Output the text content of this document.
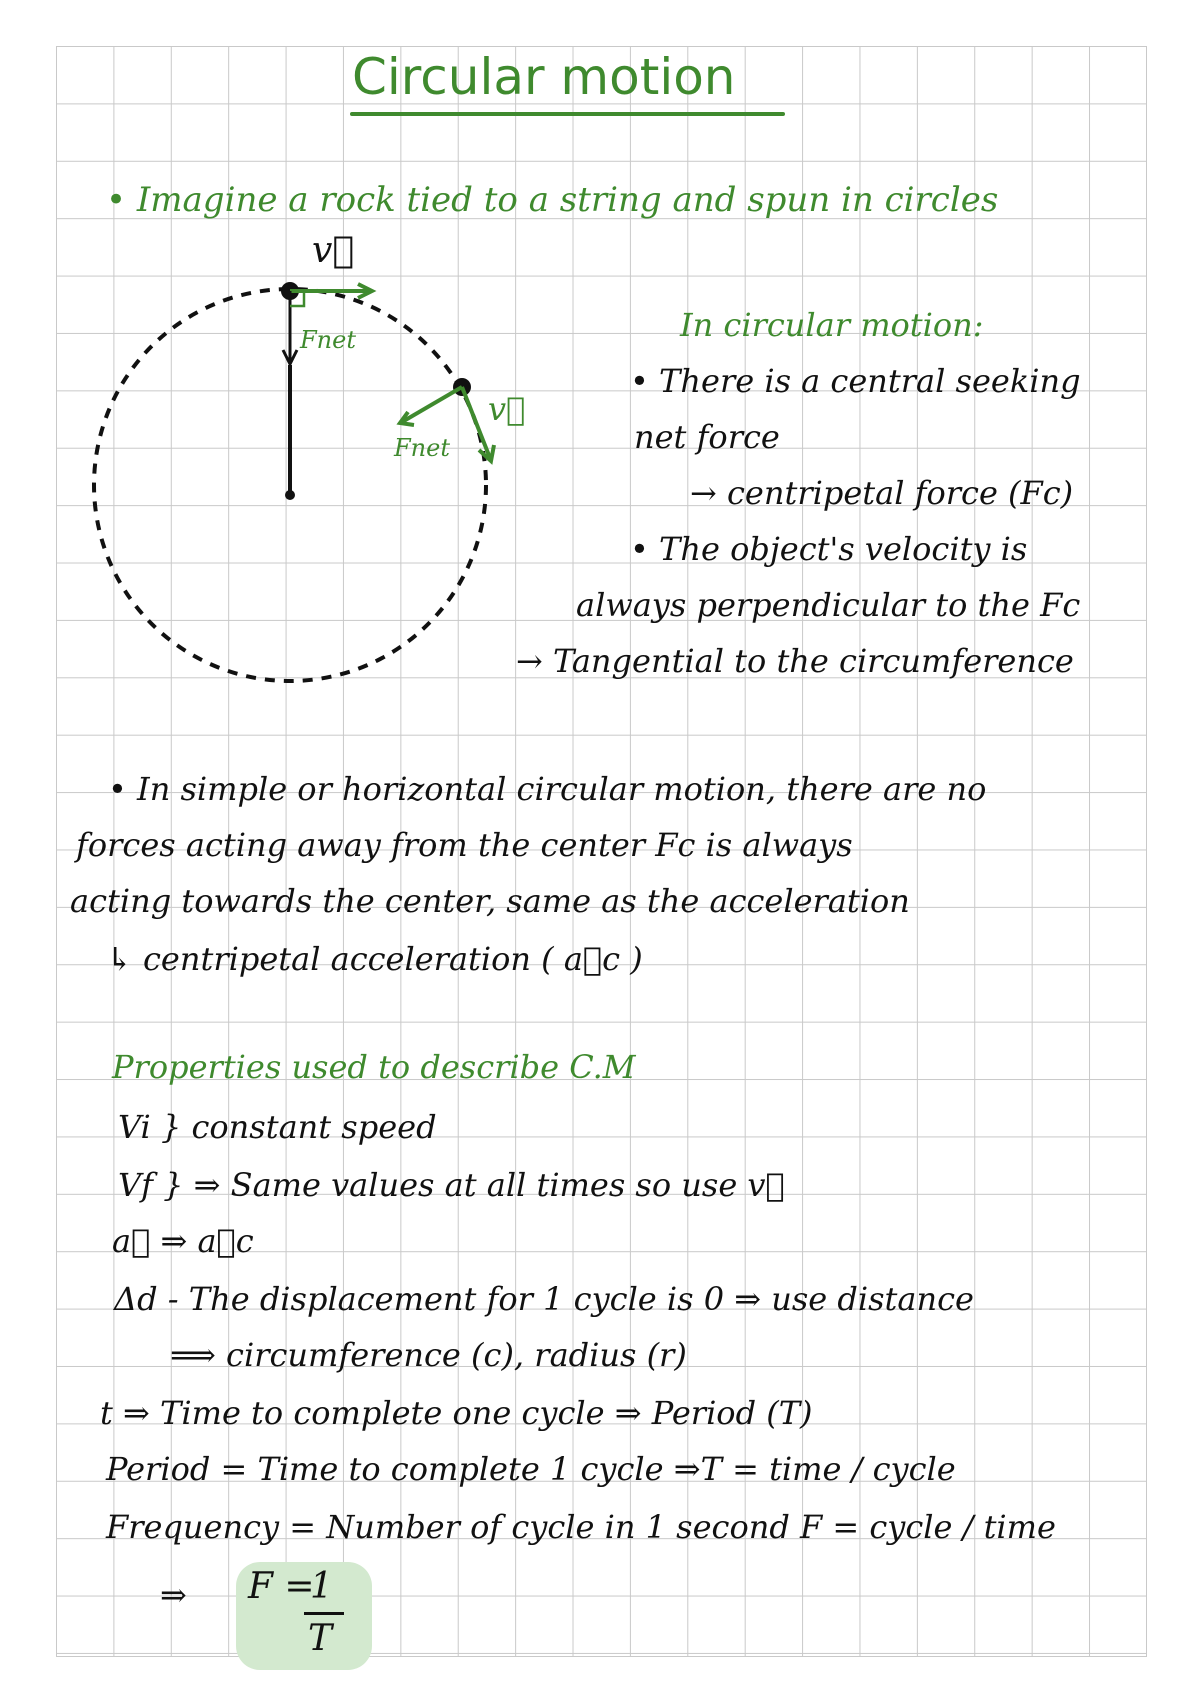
Circular motion
• Imagine a rock tied to a string and spun in circles
v⃗
Fnet
v⃗
Fnet
In circular motion:
• There is a central seeking
net force
→ centripetal force (Fc)
• The object's velocity is
always perpendicular to the Fc
→ Tangential to the circumference
• In simple or horizontal circular motion, there are no
forces acting away from the center Fc is always
acting towards the center, same as the acceleration
↳ centripetal acceleration ( a⃗c )
Properties used to describe C.M
Vi } constant speed
Vf } ⇒ Same values at all times so use v⃗
a⃗ ⇒ a⃗c
Δd - The displacement for 1 cycle is 0 ⇒ use distance
⟹ circumference (c), radius (r)
t ⇒ Time to complete one cycle ⇒ Period (T)
Period = Time to complete 1 cycle ⇒T = time / cycle
Frequency = Number of cycle in 1 second F = cycle / time
⇒ F =
1
T
